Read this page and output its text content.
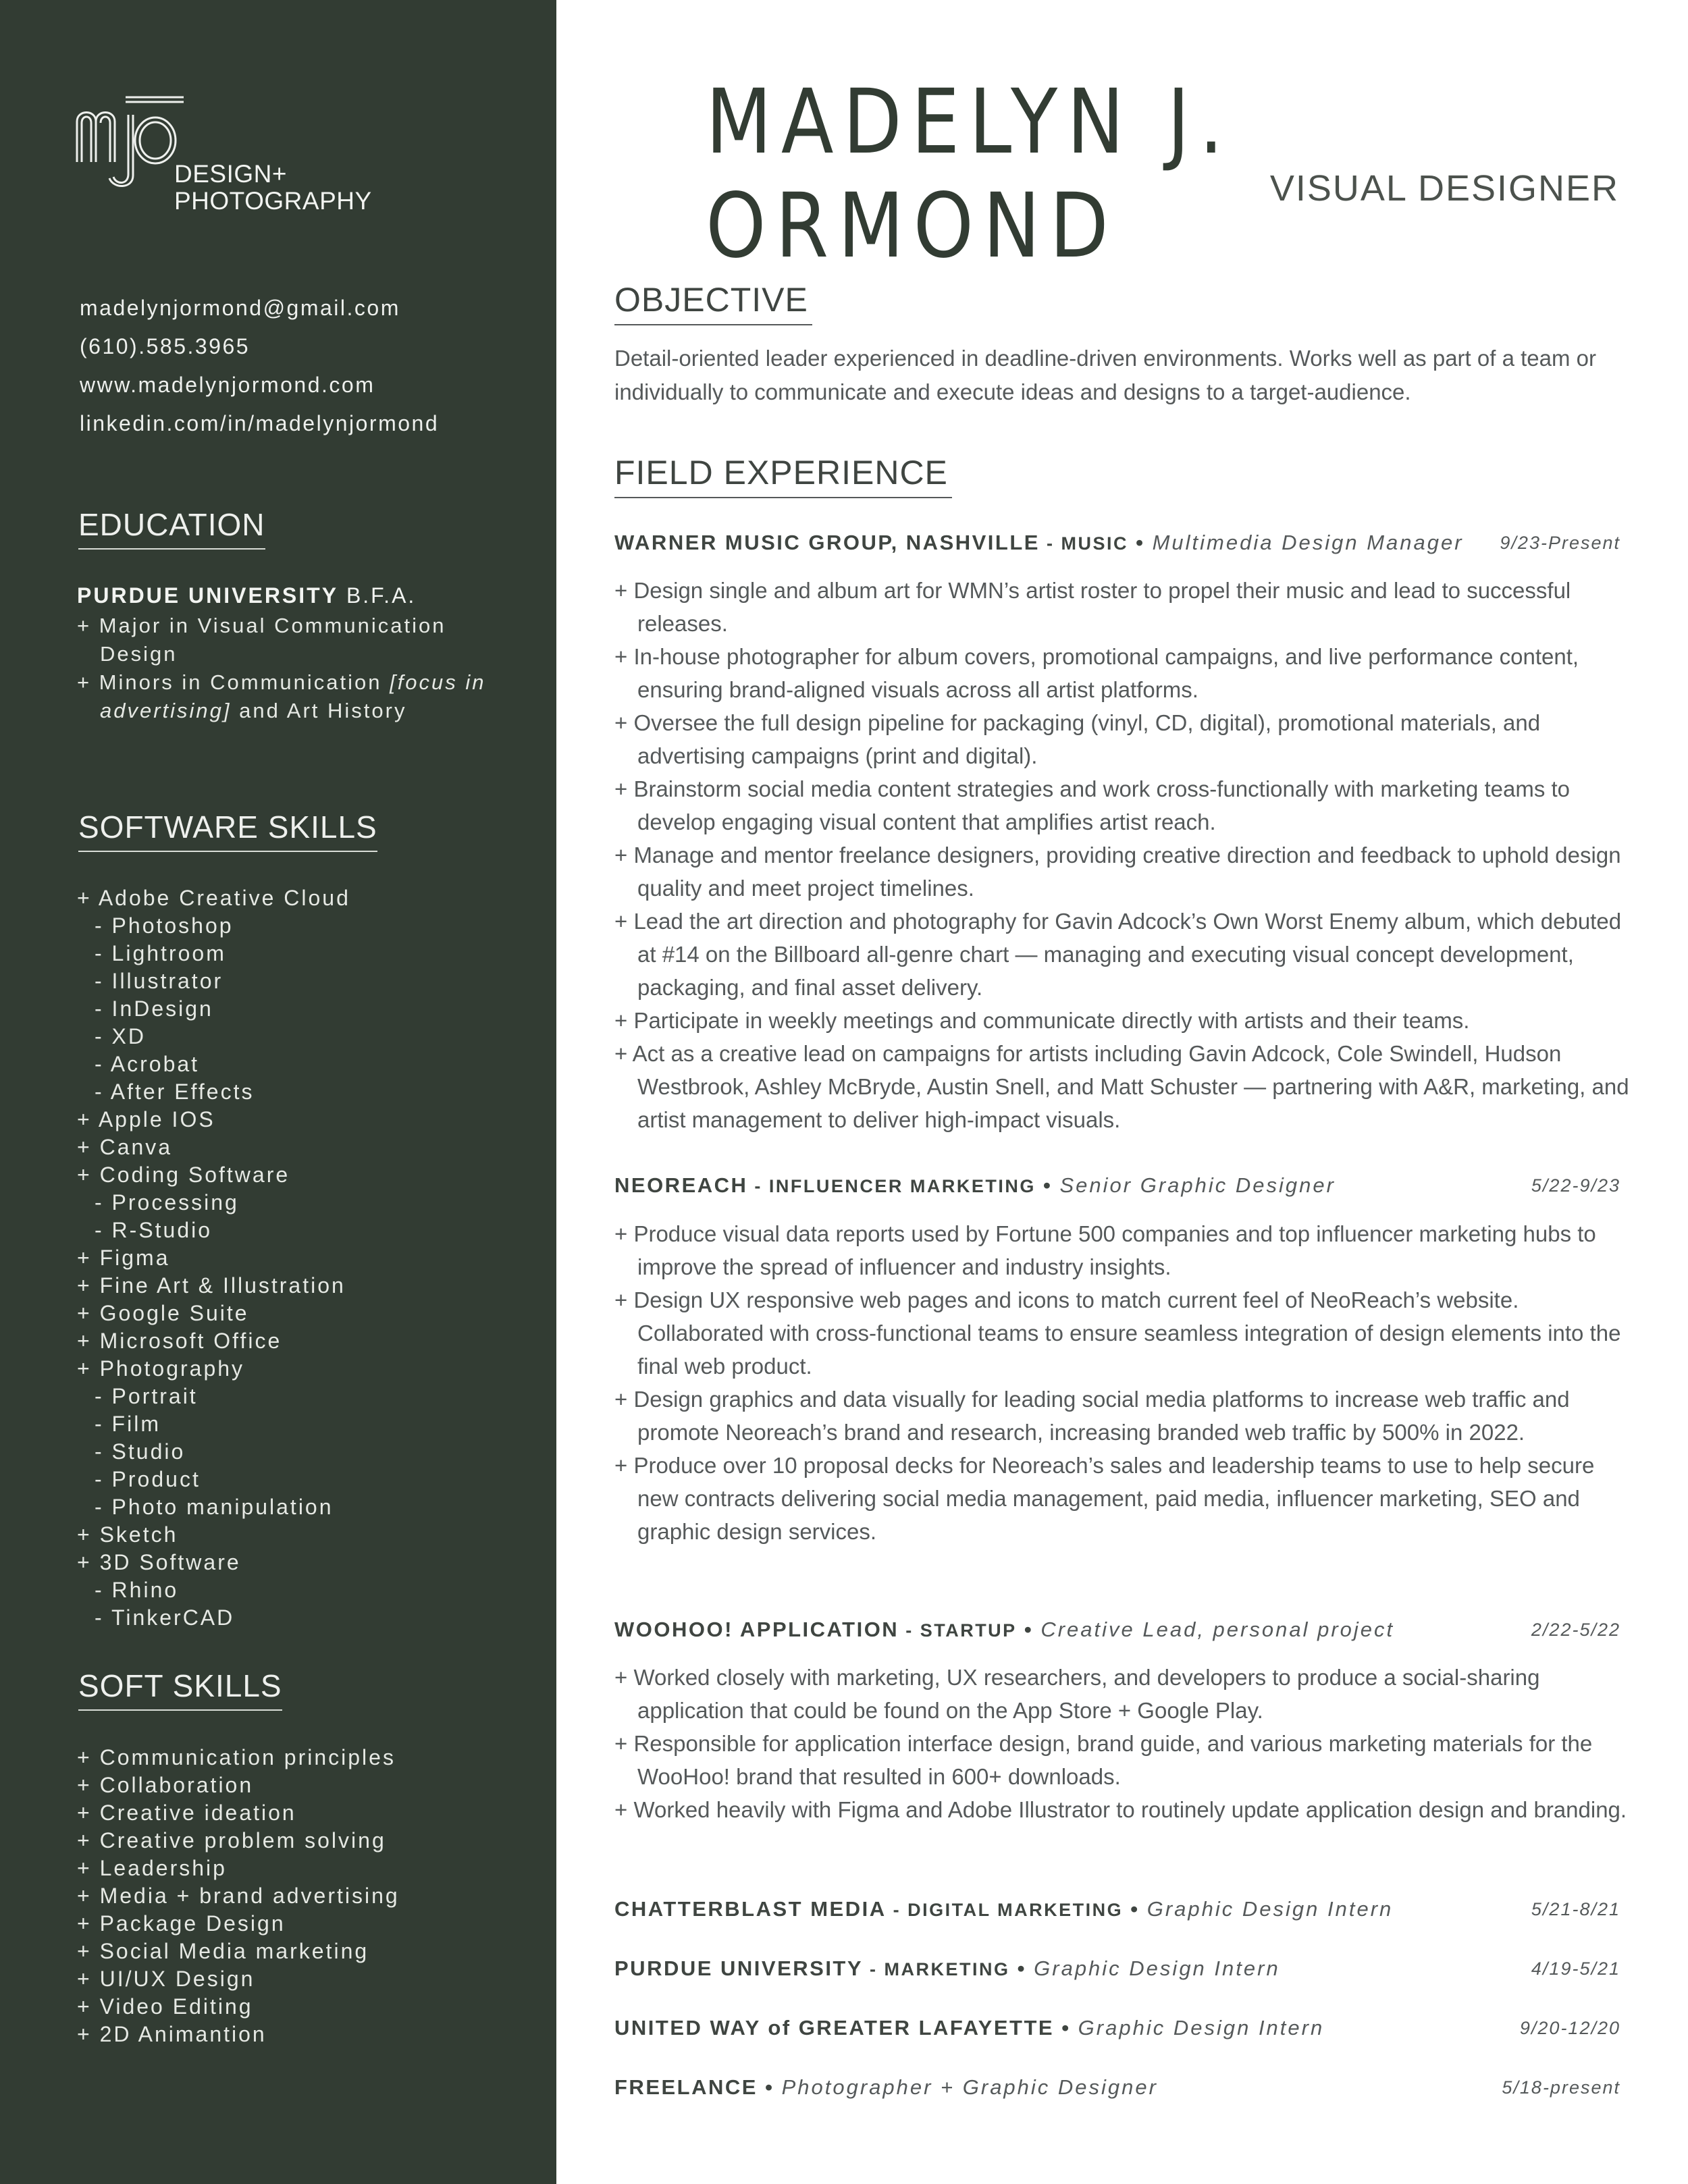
DESIGN+
PHOTOGRAPHY
madelynjormond@gmail.com
(610).585.3965
www.madelynjormond.com
linkedin.com/in/madelynjormond
EDUCATION
PURDUE UNIVERSITY B.F.A.
+ Major in Visual Communication Design
+ Minors in Communication [focus in advertising] and Art History
SOFTWARE SKILLS
+ Adobe Creative Cloud
- Photoshop
- Lightroom
- Illustrator
- InDesign
- XD
- Acrobat
- After Effects
+ Apple IOS
+ Canva
+ Coding Software
- Processing
- R-Studio
+ Figma
+ Fine Art & Illustration
+ Google Suite
+ Microsoft Office
+ Photography
- Portrait
- Film
- Studio
- Product
- Photo manipulation
+ Sketch
+ 3D Software
- Rhino
- TinkerCAD
SOFT SKILLS
+ Communication principles
+ Collaboration
+ Creative ideation
+ Creative problem solving
+ Leadership
+ Media + brand advertising
+ Package Design
+ Social Media marketing
+ UI/UX Design
+ Video Editing
+ 2D Animantion
MADELYN J. ORMOND	VISUAL DESIGNER
OBJECTIVE

Detail-oriented leader experienced in deadline-driven environments. Works well as part of a team or individually to communicate and execute ideas and designs to a target-audience.

FIELD EXPERIENCE
WARNER MUSIC GROUP, NASHVILLE - MUSIC • Multimedia Design Manager 9/23-Present
+ Design single and album art for WMN’s artist roster to propel their music and lead to successful releases.
+ In-house photographer for album covers, promotional campaigns, and live performance content, ensuring brand-aligned visuals across all artist platforms.
+ Oversee the full design pipeline for packaging (vinyl, CD, digital), promotional materials, and advertising campaigns (print and digital).
+ Brainstorm social media content strategies and work cross-functionally with marketing teams to develop engaging visual content that amplifies artist reach.
+ Manage and mentor freelance designers, providing creative direction and feedback to uphold design quality and meet project timelines.
+ Lead the art direction and photography for Gavin Adcock’s Own Worst Enemy album, which debuted at #14 on the Billboard all-genre chart — managing and executing visual concept development, packaging, and final asset delivery.
+ Participate in weekly meetings and communicate directly with artists and their teams.
+ Act as a creative lead on campaigns for artists including Gavin Adcock, Cole Swindell, Hudson Westbrook, Ashley McBryde, Austin Snell, and Matt Schuster — partnering with A&R, marketing, and artist management to deliver high-impact visuals.
NEOREACH - INFLUENCER MARKETING • Senior Graphic Designer	5/22-9/23
+ Produce visual data reports used by Fortune 500 companies and top influencer marketing hubs to improve the spread of influencer and industry insights.
+ Design UX responsive web pages and icons to match current feel of NeoReach’s website. Collaborated with cross-functional teams to ensure seamless integration of design elements into the final web product.
+ Design graphics and data visually for leading social media platforms to increase web traffic and promote Neoreach’s brand and research, increasing branded web traffic by 500% in 2022.
+ Produce over 10 proposal decks for Neoreach’s sales and leadership teams to use to help secure new contracts delivering social media management, paid media, influencer marketing, SEO and graphic design services.
WOOHOO! APPLICATION - STARTUP • Creative Lead, personal project	2/22-5/22
+ Worked closely with marketing, UX researchers, and developers to produce a social-sharing application that could be found on the App Store + Google Play.
+ Responsible for application interface design, brand guide, and various marketing materials for the WooHoo! brand that resulted in 600+ downloads.
+ Worked heavily with Figma and Adobe Illustrator to routinely update application design and branding.
CHATTERBLAST MEDIA - DIGITAL MARKETING • Graphic Design Intern	5/21-8/21
PURDUE UNIVERSITY - MARKETING • Graphic Design Intern	4/19-5/21
UNITED WAY of GREATER LAFAYETTE • Graphic Design Intern	9/20-12/20
FREELANCE • Photographer + Graphic Designer	5/18-present
